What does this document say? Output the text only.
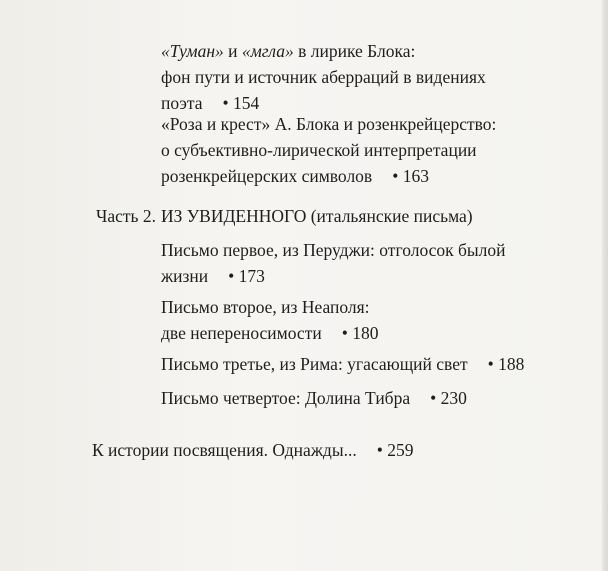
«Туман» и «мгла» в лирике Блока:
фон пути и источник аберраций в видениях
поэта • 154
«Роза и крест» А. Блока и розенкрейцерство:
о субъективно-лирической интерпретации
розенкрейцерских символов • 163
Часть 2. ИЗ УВИДЕННОГО (итальянские письма)
Письмо первое, из Перуджи: отголосок былой
жизни • 173
Письмо второе, из Неаполя:
две непереносимости • 180
Письмо третье, из Рима: угасающий свет • 188
Письмо четвертое: Долина Тибра • 230
К истории посвящения. Однажды... • 259
